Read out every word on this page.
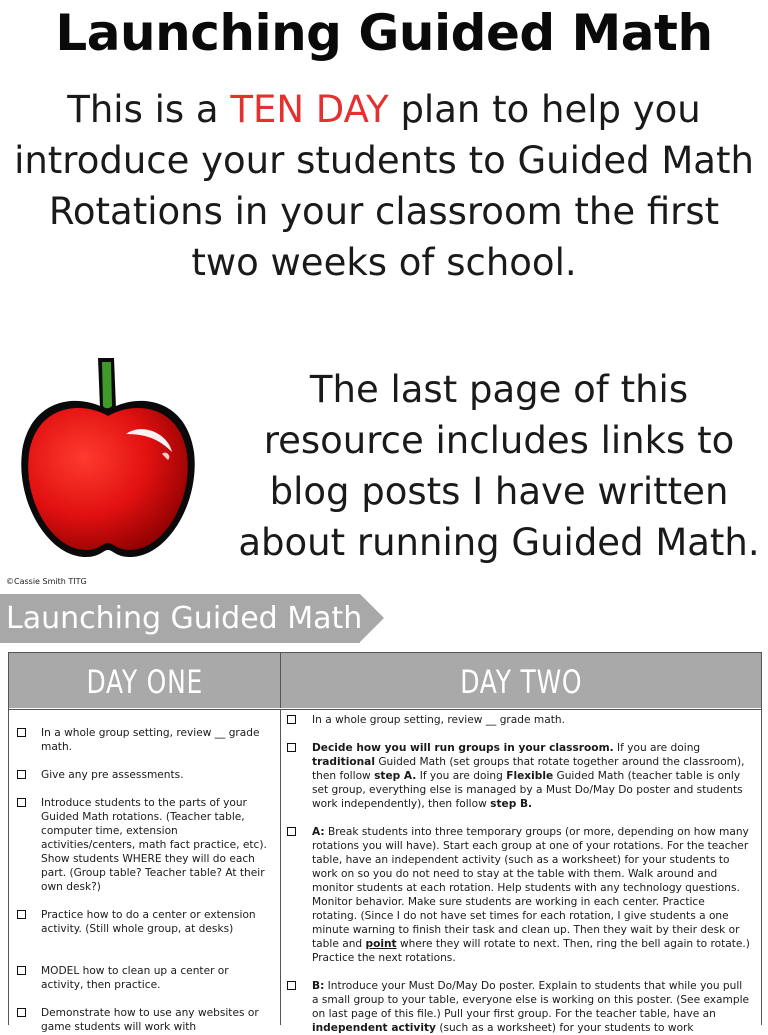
Launching Guided Math

This is a TEN DAY plan to help you introduce your students to Guided Math Rotations in your classroom the first two weeks of school.

The last page of this resource includes links to blog posts I have written about running Guided Math.

©Cassie Smith TITG
Launching Guided Math
DAY ONE	DAY TWO
In a whole group setting, review __ grade math.
Give any pre assessments.
Introduce students to the parts of your Guided Math rotations. (Teacher table, computer time, extension activities/centers, math fact practice, etc). Show students WHERE they will do each part. (Group table? Teacher table? At their own desk?)
Practice how to do a center or extension activity. (Still whole group, at desks)
MODEL how to clean up a center or activity, then practice.
Demonstrate how to use any websites or game students will work with
In a whole group setting, review __ grade math.
Decide how you will run groups in your classroom. If you are doing traditional Guided Math (set groups that rotate together around the classroom), then follow step A. If you are doing Flexible Guided Math (teacher table is only set group, everything else is managed by a Must Do/May Do poster and students work independently), then follow step B.
A: Break students into three temporary groups (or more, depending on how many rotations you will have). Start each group at one of your rotations. For the teacher table, have an independent activity (such as a worksheet) for your students to work on so you do not need to stay at the table with them. Walk around and monitor students at each rotation. Help students with any technology questions. Monitor behavior. Make sure students are working in each center. Practice rotating. (Since I do not have set times for each rotation, I give students a one minute warning to finish their task and clean up. Then they wait by their desk or table and point where they will rotate to next. Then, ring the bell again to rotate.) Practice the next rotations.
B: Introduce your Must Do/May Do poster. Explain to students that while you pull a small group to your table, everyone else is working on this poster. (See example on last page of this file.) Pull your first group. For the teacher table, have an independent activity (such as a worksheet) for your students to work
